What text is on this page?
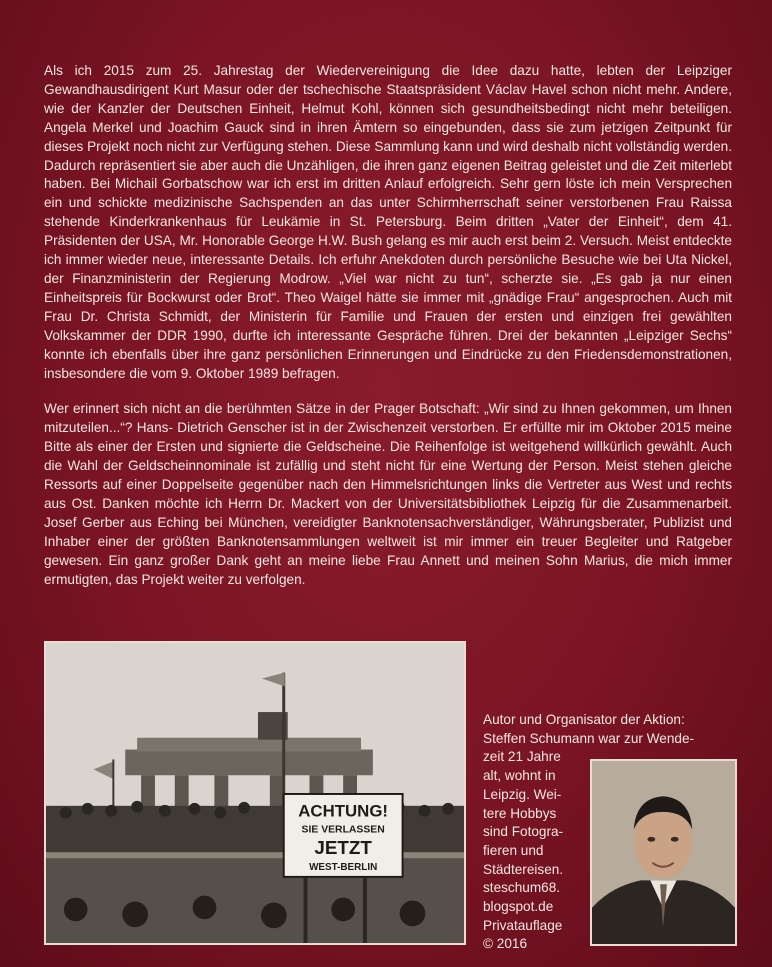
Als ich 2015 zum 25. Jahrestag der Wiedervereinigung die Idee dazu hatte, lebten der Leipziger Gewandhausdirigent Kurt Masur oder der tschechische Staatspräsident Václav Havel schon nicht mehr. Andere, wie der Kanzler der Deutschen Einheit, Helmut Kohl, können sich gesundheitsbedingt nicht mehr beteiligen. Angela Merkel und Joachim Gauck sind in ihren Ämtern so eingebunden, dass sie zum jetzigen Zeitpunkt für dieses Projekt noch nicht zur Verfügung stehen. Diese Sammlung kann und wird deshalb nicht vollständig werden. Dadurch repräsentiert sie aber auch die Unzähligen, die ihren ganz eigenen Beitrag geleistet und die Zeit miterlebt haben. Bei Michail Gorbatschow war ich erst im dritten Anlauf erfolgreich. Sehr gern löste ich mein Versprechen ein und schickte medizinische Sachspenden an das unter Schirmherrschaft seiner verstorbenen Frau Raissa stehende Kinderkrankenhaus für Leukämie in St. Petersburg. Beim dritten „Vater der Einheit“, dem 41. Präsidenten der USA, Mr. Honorable George H.W. Bush gelang es mir auch erst beim 2. Versuch. Meist entdeckte ich immer wieder neue, interessante Details. Ich erfuhr Anekdoten durch persönliche Besuche wie bei Uta Nickel, der Finanzministerin der Regierung Modrow. „Viel war nicht zu tun“, scherzte sie. „Es gab ja nur einen Einheitspreis für Bockwurst oder Brot“. Theo Waigel hätte sie immer mit „gnädige Frau“ angesprochen. Auch mit Frau Dr. Christa Schmidt, der Ministerin für Familie und Frauen der ersten und einzigen frei gewählten Volkskammer der DDR 1990, durfte ich interessante Gespräche führen. Drei der bekannten „Leipziger Sechs“ konnte ich ebenfalls über ihre ganz persönlichen Erinnerungen und Eindrücke zu den Friedensdemonstrationen, insbesondere die vom 9. Oktober 1989 befragen.

Wer erinnert sich nicht an die berühmten Sätze in der Prager Botschaft: „Wir sind zu Ihnen gekommen, um Ihnen mitzuteilen...“? Hans- Dietrich Genscher ist in der Zwischenzeit verstorben. Er erfüllte mir im Oktober 2015 meine Bitte als einer der Ersten und signierte die Geldscheine. Die Reihenfolge ist weitgehend willkürlich gewählt. Auch die Wahl der Geldscheinnominale ist zufällig und steht nicht für eine Wertung der Person. Meist stehen gleiche Ressorts auf einer Doppelseite gegenüber nach den Himmelsrichtungen links die Vertreter aus West und rechts aus Ost. Danken möchte ich Herrn Dr. Mackert von der Universitätsbibliothek Leipzig für die Zusammenarbeit. Josef Gerber aus Eching bei München, vereidigter Banknotensachverständiger, Währungsberater, Publizist und Inhaber einer der größten Banknotensammlungen weltweit ist mir immer ein treuer Begleiter und Ratgeber gewesen. Ein ganz großer Dank geht an meine liebe Frau Annett und meinen Sohn Marius, die mich immer ermutigten, das Projekt weiter zu verfolgen.

ACHTUNG!
SIE VERLASSEN
JETZT
WEST-BERLIN
Autor und Organisator der Aktion:
Steffen Schumann war zur Wende-
zeit 21 Jahre
alt, wohnt in
Leipzig. Wei-
tere Hobbys
sind Fotogra-
fieren und
Städtereisen.
steschum68.
blogspot.de
Privatauflage
© 2016
